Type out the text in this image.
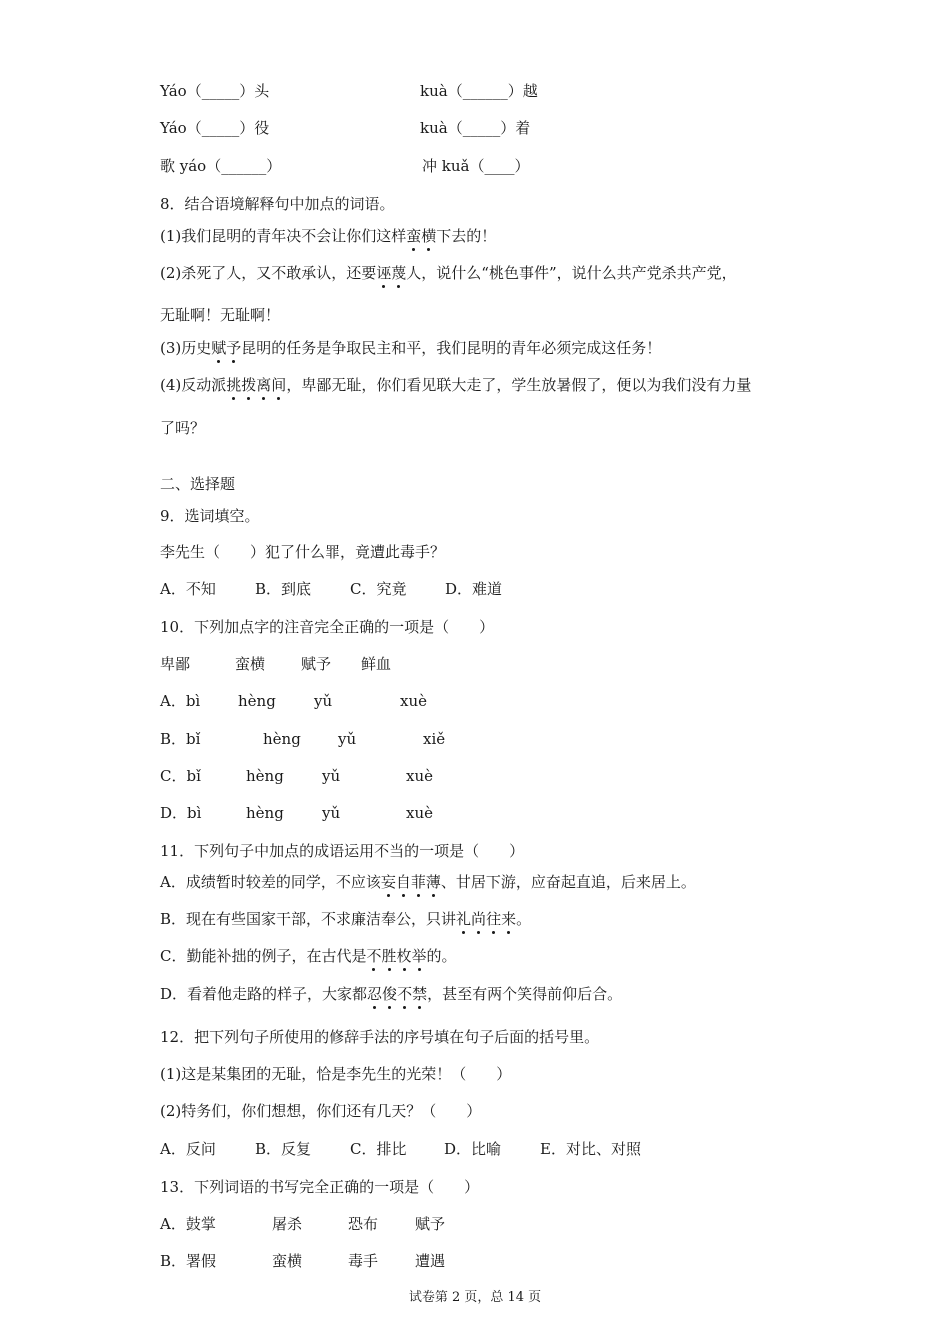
Yáo（_____）头	kuà（______）越
Yáo（_____）役	kuà（_____）着
歌 yáo（______）	冲 kuǎ（____）
8．结合语境解释句中加点的词语。
(1)我们昆明的青年决不会让你们这样蛮横下去的！
(2)杀死了人，又不敢承认，还要诬蔑人，说什么“桃色事件”，说什么共产党杀共产党，
无耻啊！无耻啊！
(3)历史赋予昆明的任务是争取民主和平，我们昆明的青年必须完成这任务！
(4)反动派挑拨离间，卑鄙无耻，你们看见联大走了，学生放暑假了，便以为我们没有力量
了吗？
二、选择题
9．选词填空。
李先生（　　）犯了什么罪，竟遭此毒手？
A．不知	B．到底	C．究竟	D．难道
10．下列加点字的注音完全正确的一项是（　　）
卑鄙	蛮横 赋予 鲜血
A．bì	hèng	yǔ	xuè
B．bǐ	hèng yǔ	xiě
C．bǐ	hèng	yǔ	xuè
D．bì	hèng	yǔ	xuè
11．下列句子中加点的成语运用不当的一项是（　　）
A．成绩暂时较差的同学，不应该妄自菲薄、甘居下游，应奋起直追，后来居上。
B．现在有些国家干部，不求廉洁奉公，只讲礼尚往来。
C．勤能补拙的例子，在古代是不胜枚举的。
D．看着他走路的样子，大家都忍俊不禁，甚至有两个笑得前仰后合。
12．把下列句子所使用的修辞手法的序号填在句子后面的括号里。
(1)这是某集团的无耻，恰是李先生的光荣！（　　）
(2)特务们，你们想想，你们还有几天？（　　）
A．反问	B．反复	C．排比	D．比喻	E．对比、对照
13．下列词语的书写完全正确的一项是（　　）
A．鼓掌	屠杀	恐布 赋予
B．署假	蛮横	毒手 遭遇
试卷第 2 页，总 14 页
